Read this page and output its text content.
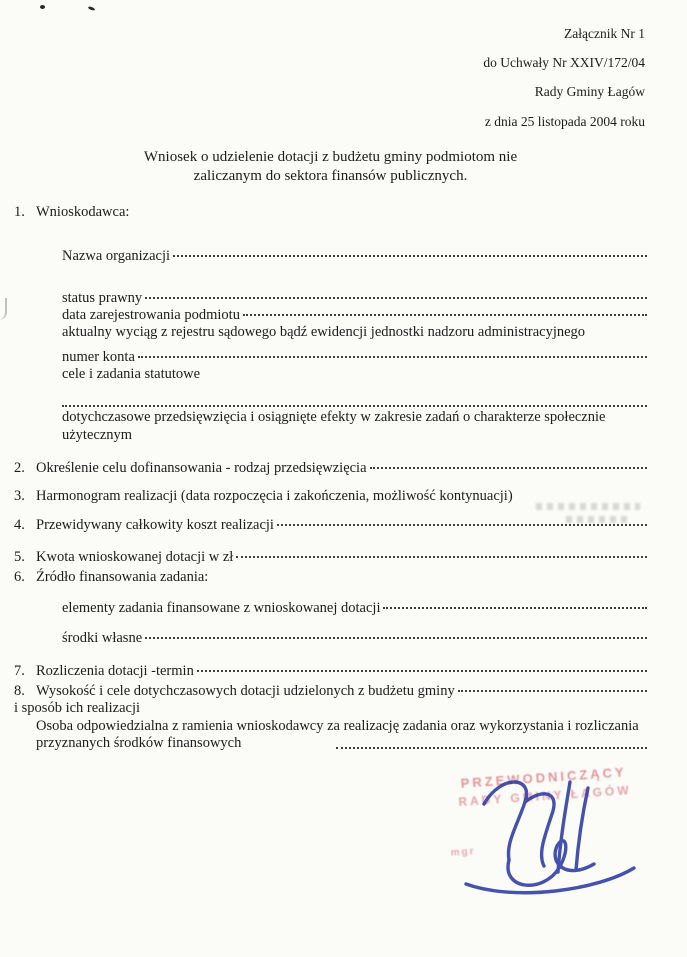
Załącznik Nr 1
do Uchwały Nr XXIV/172/04
Rady Gminy Łagów
z dnia 25 listopada 2004 roku
Wniosek o udzielenie dotacji z budżetu gminy podmiotom nie
zaliczanym do sektora finansów publicznych.
1. Wnioskodawca:
Nazwa organizacji
status prawny
data zarejestrowania podmiotu
aktualny wyciąg z rejestru sądowego bądź ewidencji jednostki nadzoru administracyjnego
numer konta
cele i zadania statutowe
dotychczasowe przedsięwzięcia i osiągnięte efekty w zakresie zadań o charakterze społecznie użytecznym
2. Określenie celu dofinansowania - rodzaj przedsięwzięcia
3. Harmonogram realizacji (data rozpoczęcia i zakończenia, możliwość kontynuacji)
4. Przewidywany całkowity koszt realizacji
5. Kwota wnioskowanej dotacji w zł
6. Źródło finansowania zadania:
elementy zadania finansowane z wnioskowanej dotacji
środki własne
7. Rozliczenia dotacji -termin
8. Wysokość i cele dotychczasowych dotacji udzielonych z budżetu gminy
i sposób ich realizacji
Osoba odpowiedzialna z ramienia wnioskodawcy za realizację zadania oraz wykorzystania i rozliczania przyznanych środków finansowych
PRZEWODNICZĄCY
RADY GMINY ŁAGÓW
mgr
